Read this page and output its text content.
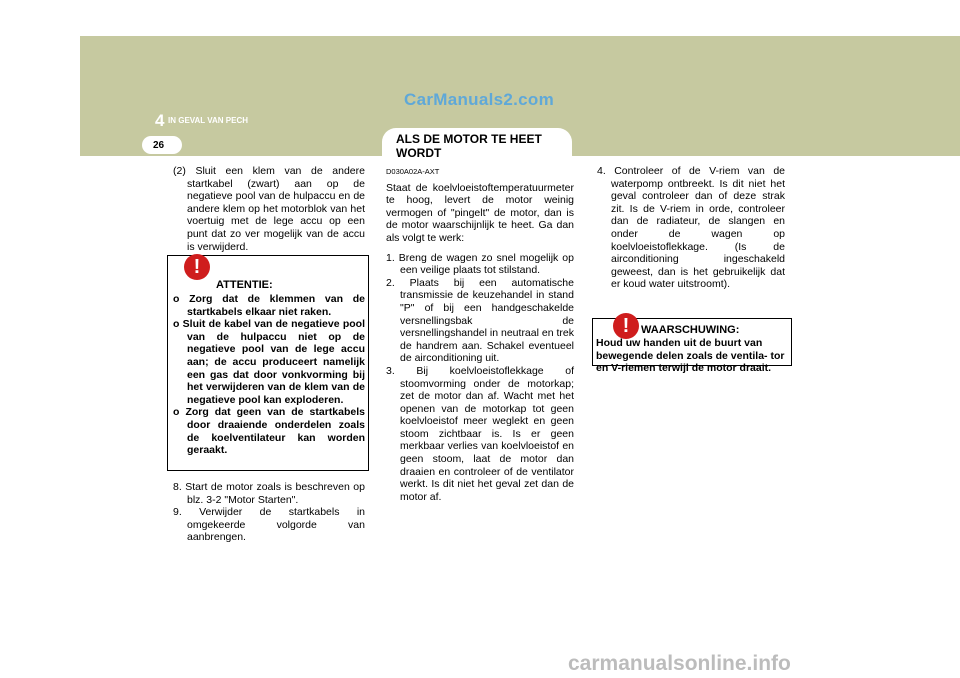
CarManuals2.com
4 IN GEVAL VAN PECH
26	ALS DE MOTOR TE HEET WORDT

(2) Sluit een klem van de andere startkabel (zwart) aan op de negatieve pool van de hulpaccu en de andere klem op het motorblok van het voertuig met de lege accu op een punt dat zo ver mogelijk van de accu is verwijderd.

!
ATTENTIE:

o Zorg dat de klemmen van de startkabels elkaar niet raken.

o Sluit de kabel van de negatieve pool van de hulpaccu niet op de negatieve pool van de lege accu aan; de accu produceert namelijk een gas dat door vonkvorming bij het verwijderen van de klem van de negatieve pool kan exploderen.

o Zorg dat geen van de startkabels door draaiende onderdelen zoals de koelventilateur kan worden geraakt.

8. Start de motor zoals is beschreven op blz. 3-2 "Motor Starten".

9. Verwijder de startkabels in omgekeerde volgorde van aanbrengen.

D030A02A-AXT

Staat de koelvloeistoftemperatuurmeter te hoog, levert de motor weinig vermogen of "pingelt" de motor, dan is de motor waarschijnlijk te heet. Ga dan als volgt te werk:

1. Breng de wagen zo snel mogelijk op een veilige plaats tot stilstand.

2. Plaats bij een automatische transmissie de keuzehandel in stand "P" of bij een handgeschakelde versnellingsbak de versnellingshandel in neutraal en trek de handrem aan. Schakel eventueel de airconditioning uit.

3. Bij koelvloeistoflekkage of stoomvorming onder de motorkap; zet de motor dan af. Wacht met het openen van de motorkap tot geen koelvloeistof meer weglekt en geen stoom zichtbaar is. Is er geen merkbaar verlies van koelvloeistof en geen stoom, laat de motor dan draaien en controleer of de ventilator werkt. Is dit niet het geval zet dan de motor af.

4. Controleer of de V-riem van de waterpomp ontbreekt. Is dit niet het geval controleer dan of deze strak zit. Is de V-riem in orde, controleer dan de radiateur, de slangen en onder de wagen op koelvloeistoflekkage. (Is de airconditioning ingeschakeld geweest, dan is het gebruikelijk dat er koud water uitstroomt).

!	WAARSCHUWING:
Houd uw handen uit de buurt van bewegende delen zoals de ventila- tor en V-riemen terwijl de motor draait.
carmanualsonline.info
